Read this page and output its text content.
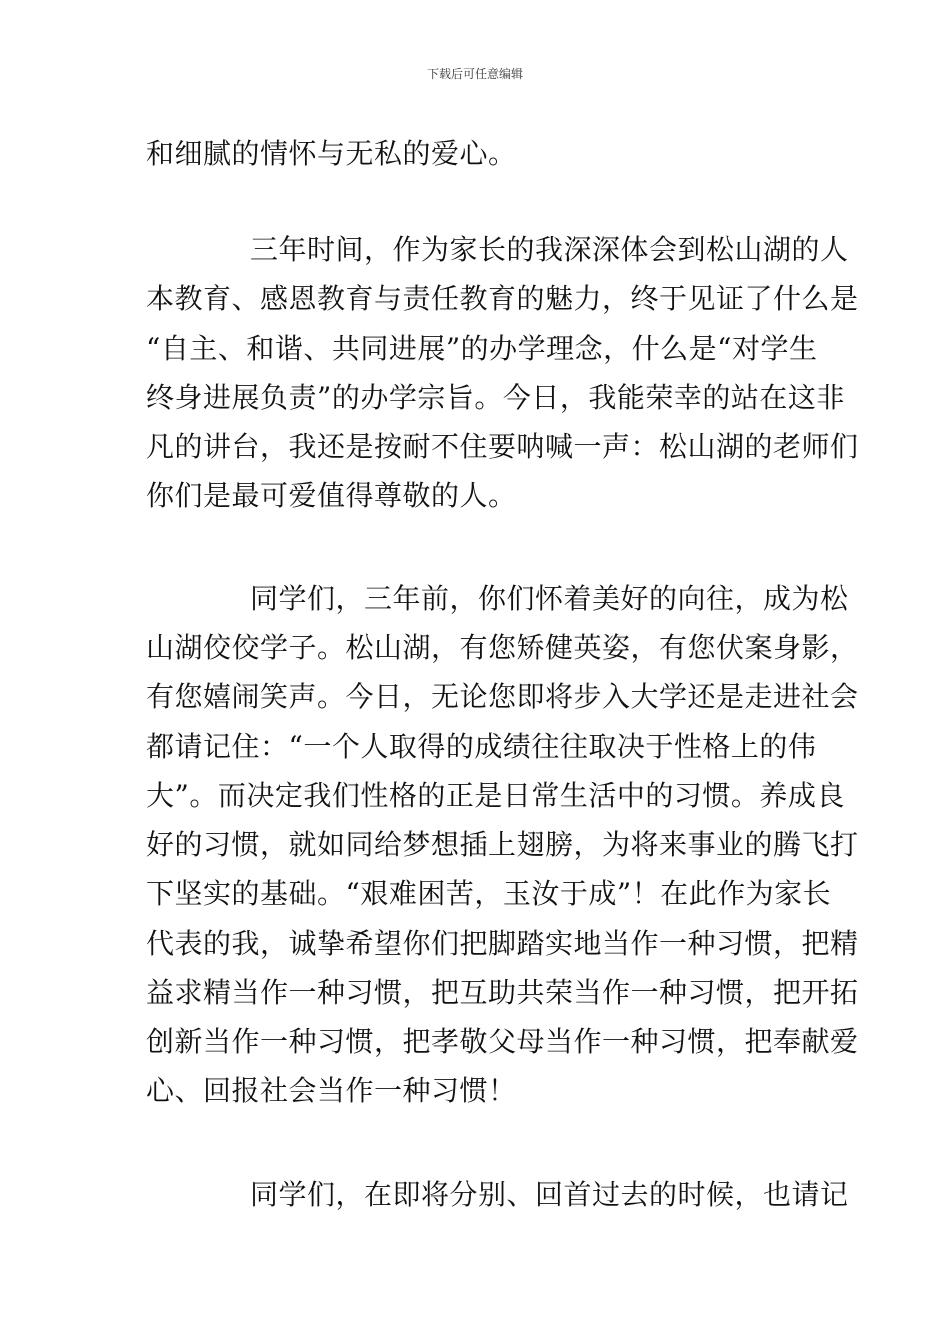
下载后可任意编辑
和细腻的情怀与无私的爱心。
三年时间，作为家长的我深深体会到松山湖的人
本教育、感恩教育与责任教育的魅力，终于见证了什么是
“自主、和谐、共同进展”的办学理念，什么是“对学生
终身进展负责”的办学宗旨。今日，我能荣幸的站在这非
凡的讲台，我还是按耐不住要呐喊一声：松山湖的老师们
你们是最可爱值得尊敬的人。
同学们，三年前，你们怀着美好的向往，成为松
山湖佼佼学子。松山湖，有您矫健英姿，有您伏案身影，
有您嬉闹笑声。今日，无论您即将步入大学还是走进社会
都请记住：“一个人取得的成绩往往取决于性格上的伟
大”。而决定我们性格的正是日常生活中的习惯。养成良
好的习惯，就如同给梦想插上翅膀，为将来事业的腾飞打
下坚实的基础。“艰难困苦，玉汝于成”！在此作为家长
代表的我，诚挚希望你们把脚踏实地当作一种习惯，把精
益求精当作一种习惯，把互助共荣当作一种习惯，把开拓
创新当作一种习惯，把孝敬父母当作一种习惯，把奉献爱
心、回报社会当作一种习惯！
同学们，在即将分别、回首过去的时候，也请记
